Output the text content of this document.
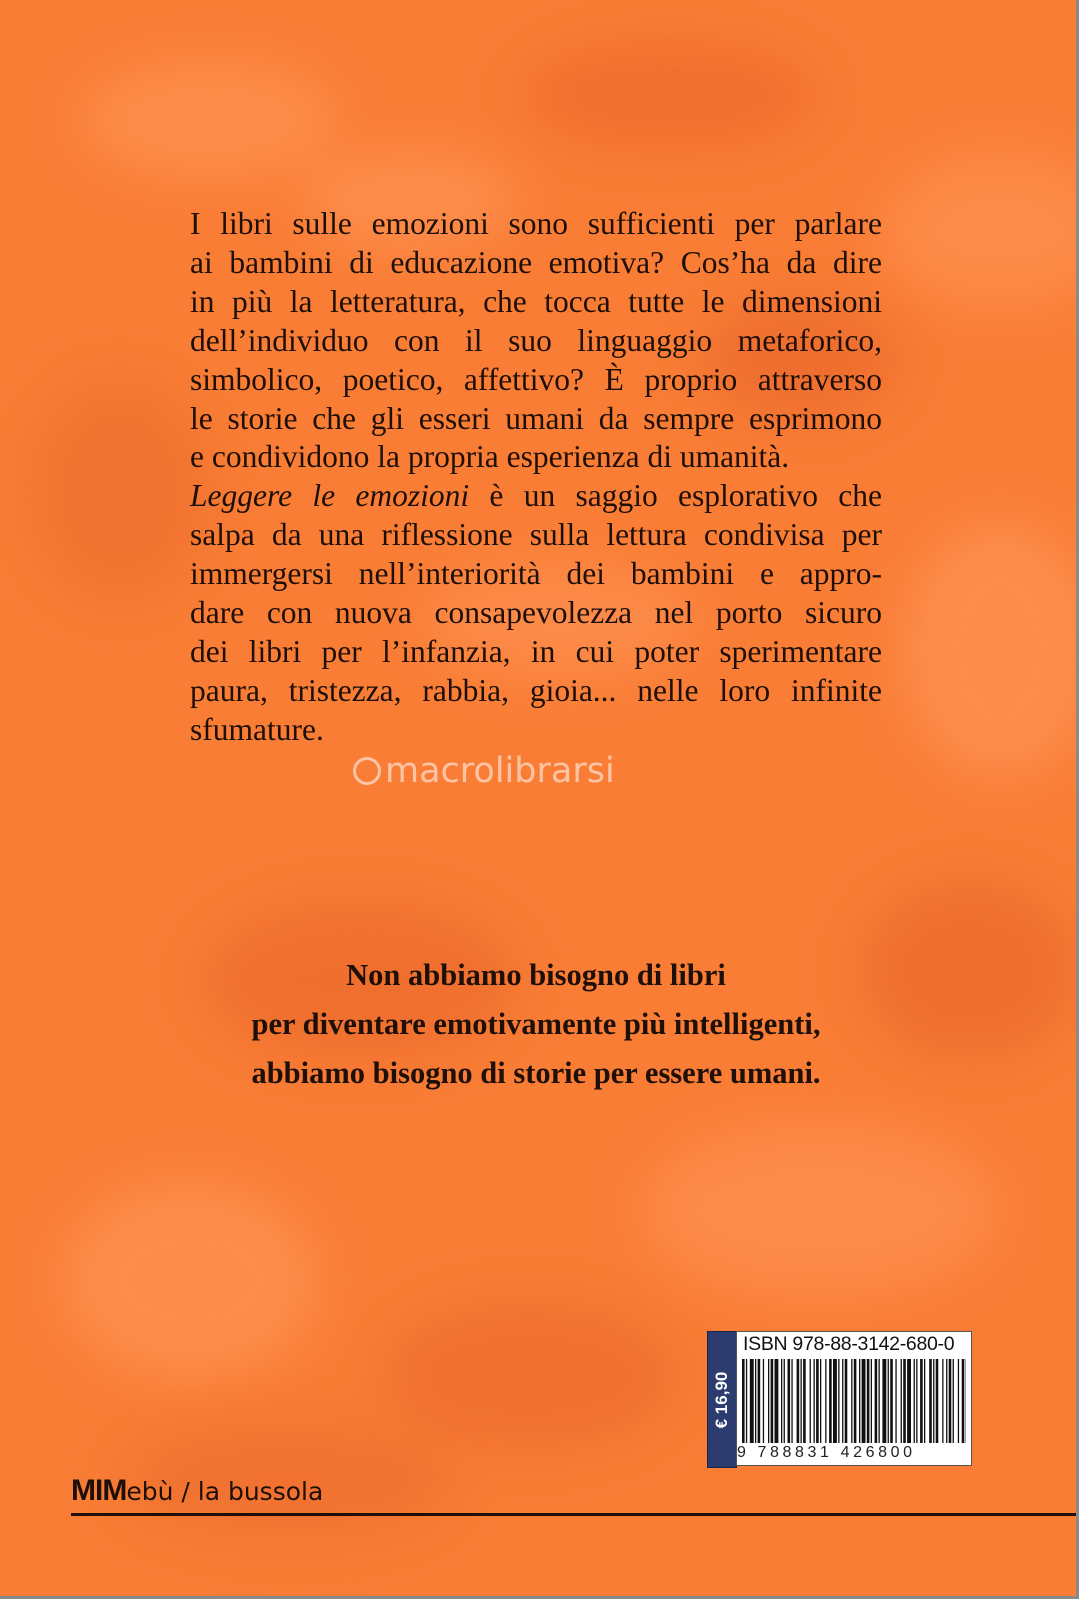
I libri sulle emozioni sono sufficienti per parlare
ai bambini di educazione emotiva? Cos’ha da dire
in più la letteratura, che tocca tutte le dimensioni
dell’individuo con il suo linguaggio metaforico,
simbolico, poetico, affettivo? È proprio attraverso
le storie che gli esseri umani da sempre esprimono
e condividono la propria esperienza di umanità.
Leggere le emozioni è un saggio esplorativo che
salpa da una riflessione sulla lettura condivisa per
immergersi nell’interiorità dei bambini e appro-
dare con nuova consapevolezza nel porto sicuro
dei libri per l’infanzia, in cui poter sperimentare
paura, tristezza, rabbia, gioia... nelle loro infinite
sfumature.
Non abbiamo bisogno di libri
per diventare emotivamente più intelligenti,
abbiamo bisogno di storie per essere umani.
macrolibrarsi
€ 16,90
ISBN 978-88-3142-680-0
9 788831 426800
MIMebù / la bussola
